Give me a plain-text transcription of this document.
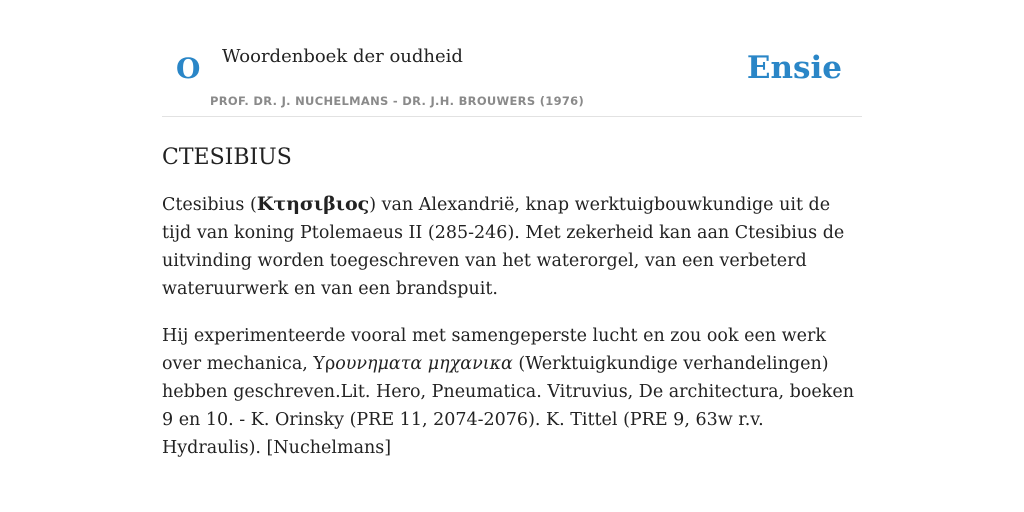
O Woordenboek der oudheid
PROF. DR. J. NUCHELMANS - DR. J.H. BROUWERS (1976)
Ensie
CTESIBIUS

Ctesibius (Κτησιβιος) van Alexandrië, knap werktuigbouwkundige uit de tijd van koning Ptolemaeus II (285-246). Met zekerheid kan aan Ctesibius de uitvinding worden toegeschreven van het waterorgel, van een verbeterd wateruurwerk en van een brandspuit.

Hij experimenteerde vooral met samengeperste lucht en zou ook een werk over mechanica, Υρουνηματα μηχανικα (Werktuigkundige verhandelingen) hebben geschreven.Lit. Hero, Pneumatica. Vitruvius, De architectura, boeken 9 en 10. - K. Orinsky (PRE 11, 2074-2076). K. Tittel (PRE 9, 63w r.v. Hydraulis). [Nuchelmans]
